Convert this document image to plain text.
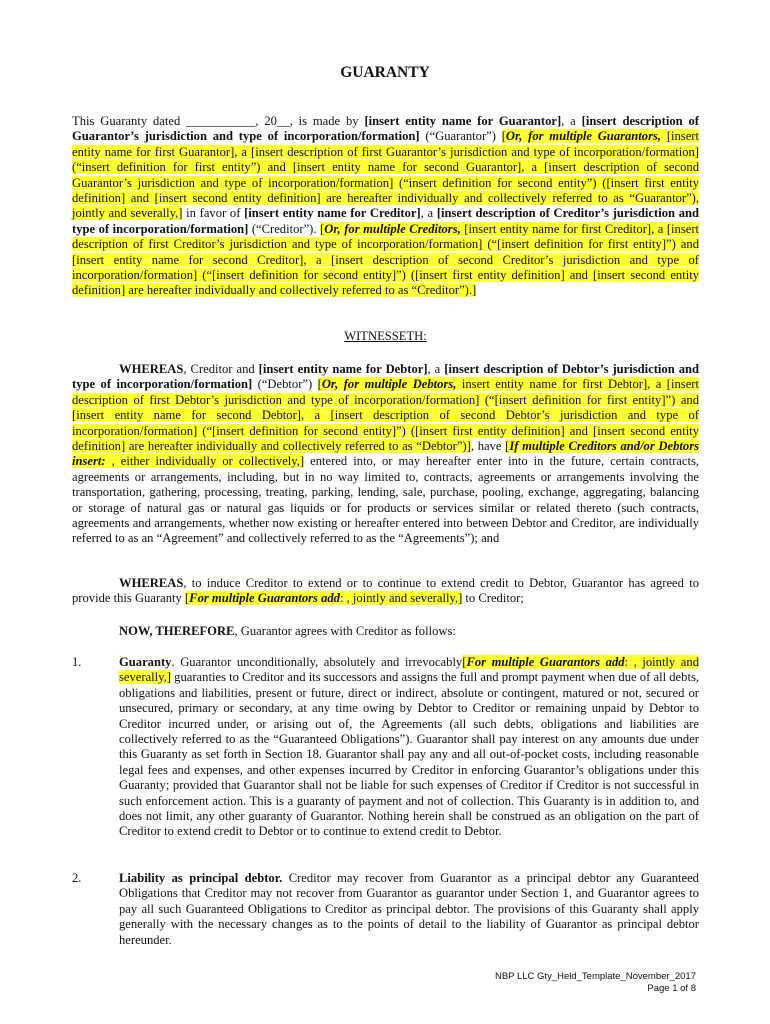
GUARANTY

This Guaranty dated ___________, 20__, is made by [insert entity name for Guarantor], a [insert description of Guarantor’s jurisdiction and type of incorporation/formation] (“Guarantor”) [Or, for multiple Guarantors, [insert entity name for first Guarantor], a [insert description of first Guarantor’s jurisdiction and type of incorporation/formation] (“insert definition for first entity”) and [insert entity name for second Guarantor], a [insert description of second Guarantor’s jurisdiction and type of incorporation/formation] (“insert definition for second entity”) ([insert first entity definition] and [insert second entity definition] are hereafter individually and collectively referred to as “Guarantor”), jointly and severally,] in favor of [insert entity name for Creditor], a [insert description of Creditor’s jurisdiction and type of incorporation/formation] (“Creditor”). [Or, for multiple Creditors, [insert entity name for first Creditor], a [insert description of first Creditor’s jurisdiction and type of incorporation/formation] (“[insert definition for first entity]”) and [insert entity name for second Creditor], a [insert description of second Creditor’s jurisdiction and type of incorporation/formation] (“[insert definition for second entity]”) ([insert first entity definition] and [insert second entity definition] are hereafter individually and collectively referred to as “Creditor”).]

WITNESSETH:

WHEREAS, Creditor and [insert entity name for Debtor], a [insert description of Debtor’s jurisdiction and type of incorporation/formation] (“Debtor”) [Or, for multiple Debtors, insert entity name for first Debtor], a [insert description of first Debtor’s jurisdiction and type of incorporation/formation] (“[insert definition for first entity]”) and [insert entity name for second Debtor], a [insert description of second Debtor’s jurisdiction and type of incorporation/formation] (“[insert definition for second entity]”) ([insert first entity definition] and [insert second entity definition] are hereafter individually and collectively referred to as “Debtor”)], have [If multiple Creditors and/or Debtors insert: , either individually or collectively,] entered into, or may hereafter enter into in the future, certain contracts, agreements or arrangements, including, but in no way limited to, contracts, agreements or arrangements involving the transportation, gathering, processing, treating, parking, lending, sale, purchase, pooling, exchange, aggregating, balancing or storage of natural gas or natural gas liquids or for products or services similar or related thereto (such contracts, agreements and arrangements, whether now existing or hereafter entered into between Debtor and Creditor, are individually referred to as an “Agreement” and collectively referred to as the “Agreements”); and

WHEREAS, to induce Creditor to extend or to continue to extend credit to Debtor, Guarantor has agreed to provide this Guaranty [For multiple Guarantors add: , jointly and severally,] to Creditor;

NOW, THEREFORE, Guarantor agrees with Creditor as follows:

1.	Guaranty. Guarantor unconditionally, absolutely and irrevocably[For multiple Guarantors add: , jointly and severally,] guaranties to Creditor and its successors and assigns the full and prompt payment when due of all debts, obligations and liabilities, present or future, direct or indirect, absolute or contingent, matured or not, secured or unsecured, primary or secondary, at any time owing by Debtor to Creditor or remaining unpaid by Debtor to Creditor incurred under, or arising out of, the Agreements (all such debts, obligations and liabilities are collectively referred to as the “Guaranteed Obligations”). Guarantor shall pay interest on any amounts due under this Guaranty as set forth in Section 18. Guarantor shall pay any and all out-of-pocket costs, including reasonable legal fees and expenses, and other expenses incurred by Creditor in enforcing Guarantor’s obligations under this Guaranty; provided that Guarantor shall not be liable for such expenses of Creditor if Creditor is not successful in such enforcement action. This is a guaranty of payment and not of collection. This Guaranty is in addition to, and does not limit, any other guaranty of Guarantor. Nothing herein shall be construed as an obligation on the part of Creditor to extend credit to Debtor or to continue to extend credit to Debtor.

2.	Liability as principal debtor. Creditor may recover from Guarantor as a principal debtor any Guaranteed Obligations that Creditor may not recover from Guarantor as guarantor under Section 1, and Guarantor agrees to pay all such Guaranteed Obligations to Creditor as principal debtor. The provisions of this Guaranty shall apply generally with the necessary changes as to the points of detail to the liability of Guarantor as principal debtor hereunder.

NBP LLC Gty_Held_Template_November_2017
Page 1 of 8
